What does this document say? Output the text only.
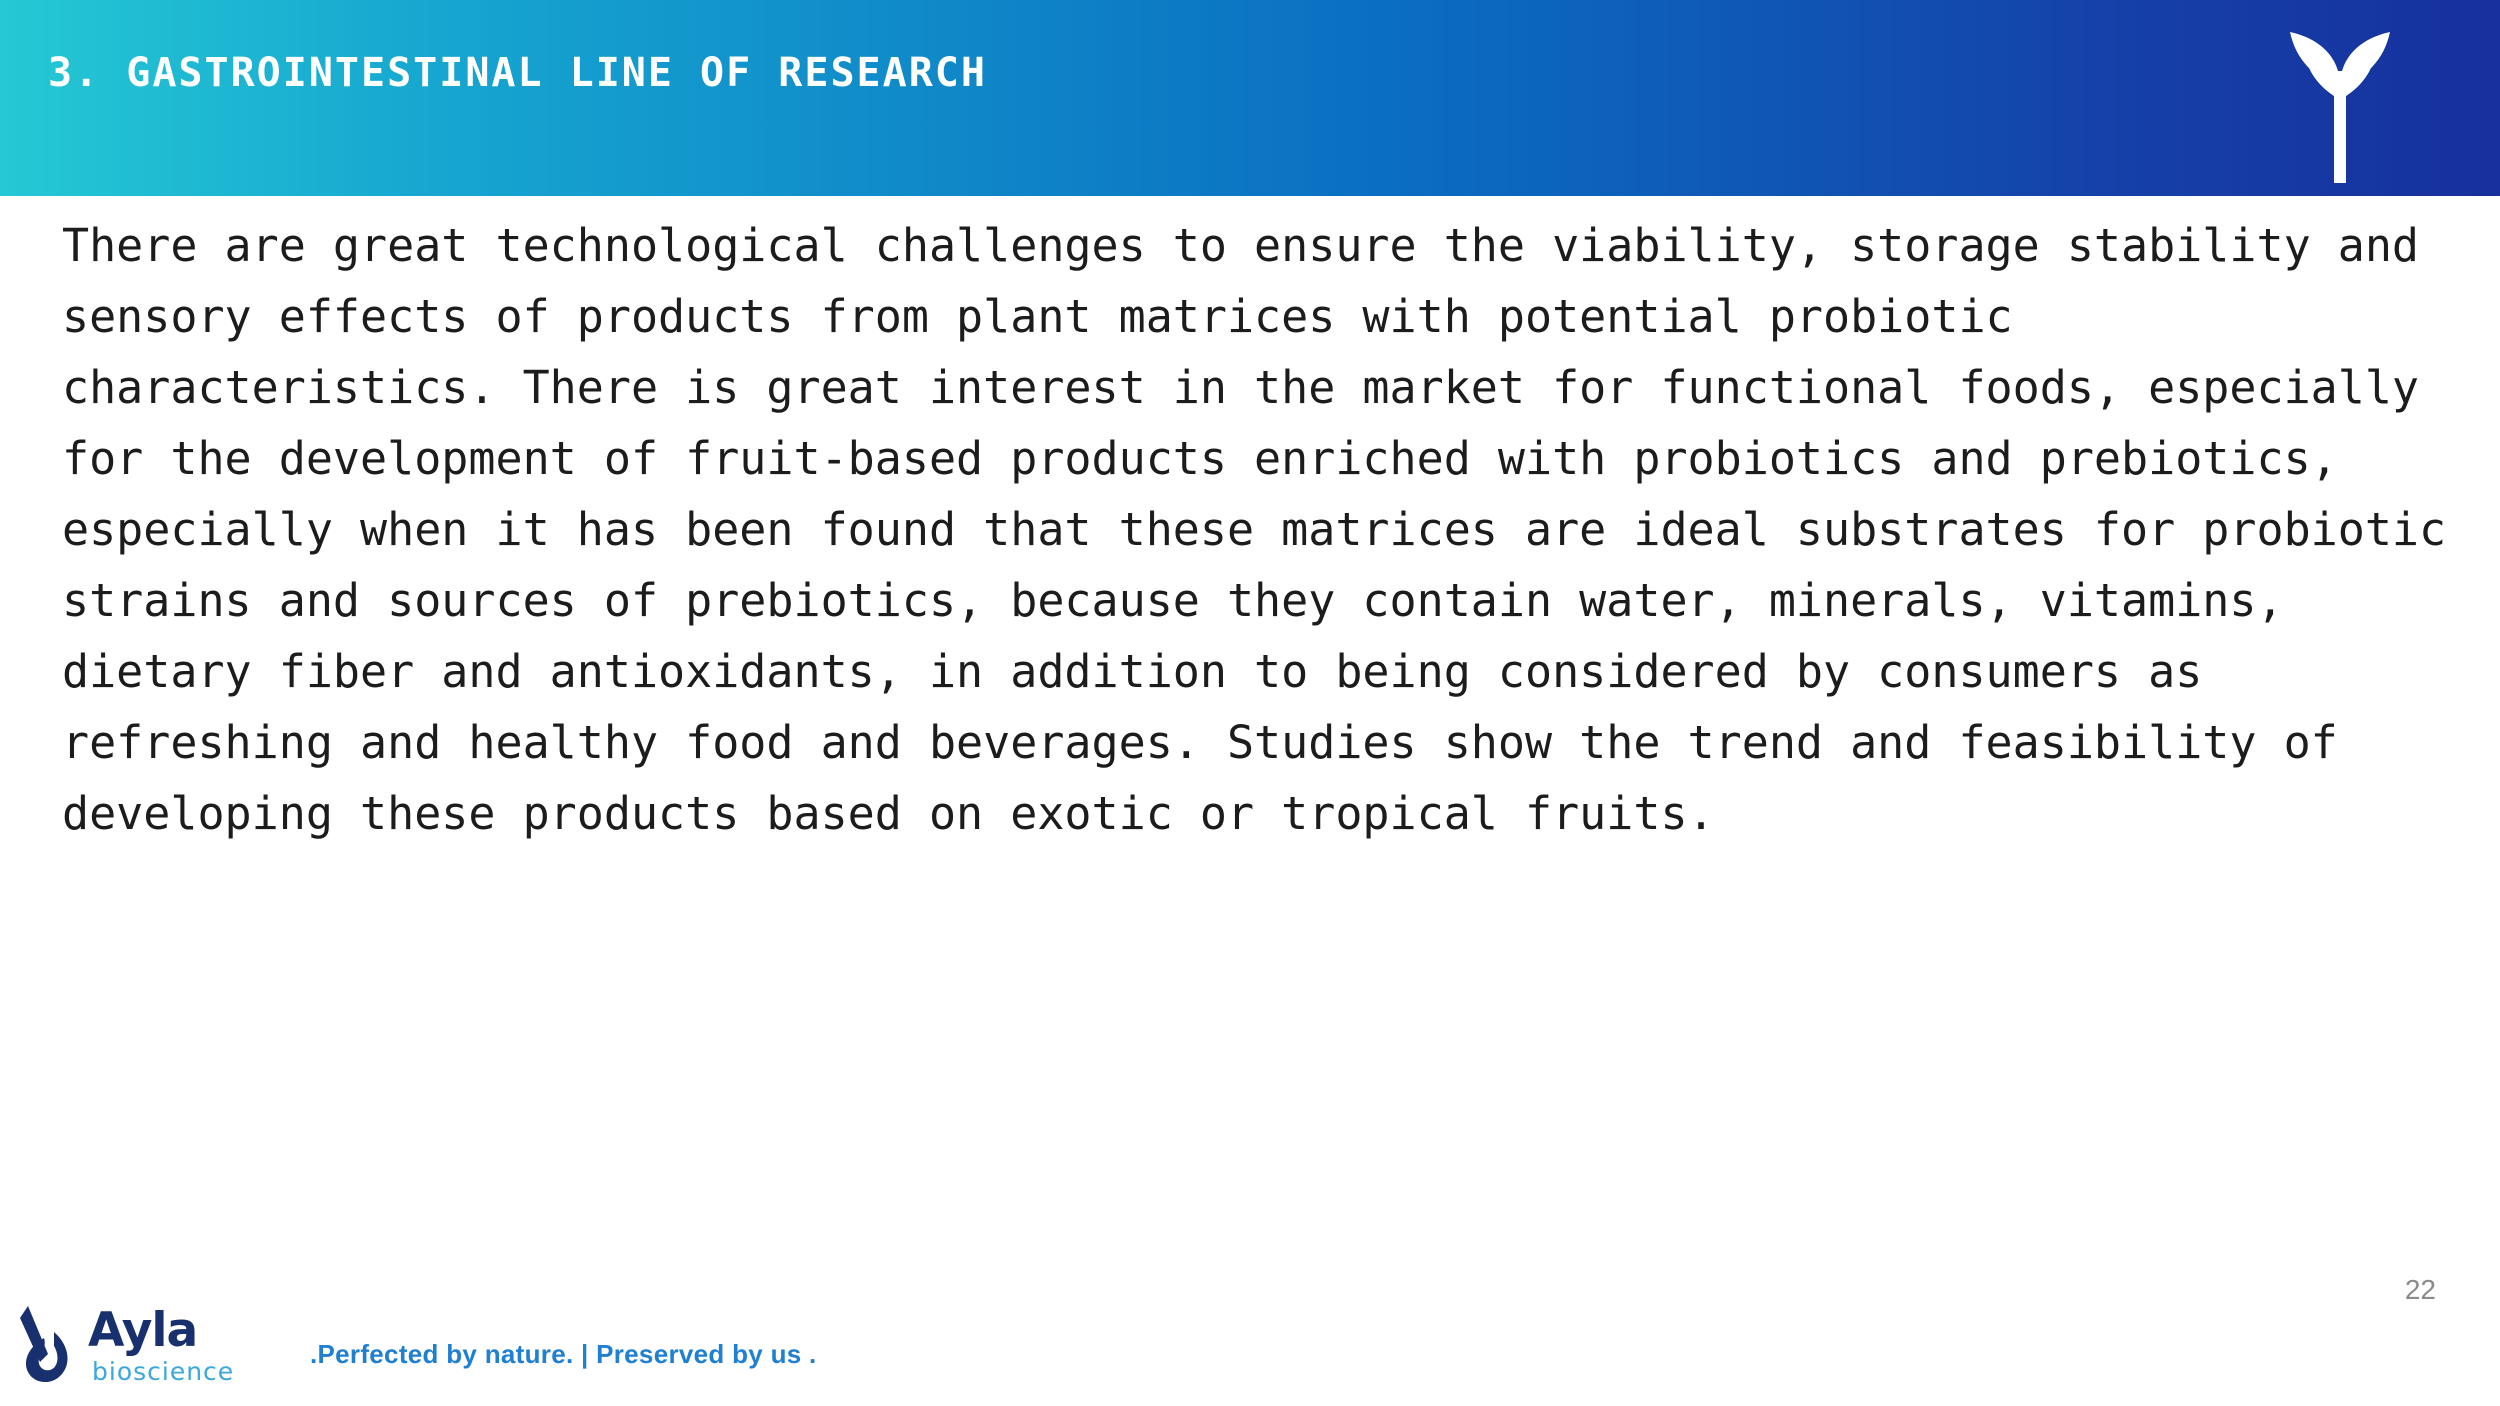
3. GASTROINTESTINAL LINE OF RESEARCH
There are great technological challenges to ensure the viability, storage stability and sensory effects of products from plant matrices with potential probiotic characteristics. There is great interest in the market for functional foods, especially for the development of fruit-based products enriched with probiotics and prebiotics, especially when it has been found that these matrices are ideal substrates for probiotic strains and sources of prebiotics, because they contain water, minerals, vitamins, dietary fiber and antioxidants, in addition to being considered by consumers as refreshing and healthy food and beverages. Studies show the trend and feasibility of developing these products based on exotic or tropical fruits.
Ayla
bioscience
.Perfected by nature. | Preserved by us .
22
